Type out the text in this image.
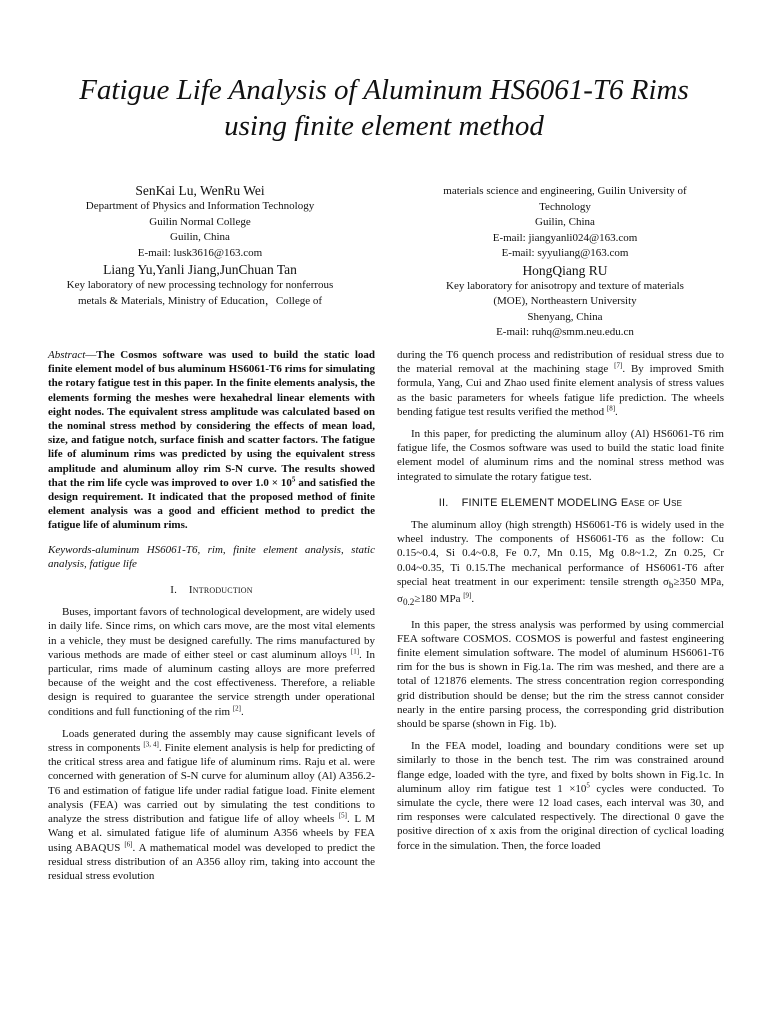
Fatigue Life Analysis of Aluminum HS6061-T6 Rims
using finite element method
SenKai Lu, WenRu Wei
Department of Physics and Information Technology
Guilin Normal College
Guilin, China
E-mail: lusk3616@163.com
Liang Yu,Yanli Jiang,JunChuan Tan
Key laboratory of new processing technology for nonferrous
metals & Materials, Ministry of Education，College of
materials science and engineering, Guilin University of
Technology
Guilin, China
E-mail: jiangyanli024@163.com
E-mail: syyuliang@163.com
HongQiang RU
Key laboratory for anisotropy and texture of materials
(MOE), Northeastern University
Shenyang, China
E-mail: ruhq@smm.neu.edu.cn

Abstract—The Cosmos software was used to build the static load finite element model of bus aluminum HS6061-T6 rims for simulating the rotary fatigue test in this paper. In the finite elements analysis, the elements forming the meshes were hexahedral linear elements with eight nodes. The equivalent stress amplitude was calculated based on the nominal stress method by considering the effects of mean load, size, and fatigue notch, surface finish and scatter factors. The fatigue life of aluminum rims was predicted by using the equivalent stress amplitude and aluminum alloy rim S-N curve. The results showed that the rim life cycle was improved to over $1.0 \times 10^5$ and satisfied the design requirement. It indicated that the proposed method of finite element analysis was a good and efficient method to predict the fatigue life of aluminum rims.

Keywords-aluminum HS6061-T6, rim, finite element analysis, static analysis, fatigue life

I. Introduction

Buses, important favors of technological development, are widely used in daily life. Since rims, on which cars move, are the most vital elements in a vehicle, they must be designed carefully. The rims manufactured by various methods are made of either steel or cast aluminum alloys [1]. In particular, rims made of aluminum casting alloys are more preferred because of the weight and the cost effectiveness. Therefore, a reliable design is required to guarantee the service strength under operational conditions and full functioning of the rim [2].

Loads generated during the assembly may cause significant levels of stress in components [3, 4]. Finite element analysis is help for predicting of the critical stress area and fatigue life of aluminum rims. Raju et al. were concerned with generation of S-N curve for aluminum alloy (Al) A356.2-T6 and estimation of fatigue life under radial fatigue load. Finite element analysis (FEA) was carried out by simulating the test conditions to analyze the stress distribution and fatigue life of alloy wheels [5]. L M Wang et al. simulated fatigue life of aluminum A356 wheels by FEA using ABAQUS [6]. A mathematical model was developed to predict the residual stress distribution of an A356 alloy rim, taking into account the residual stress evolution

during the T6 quench process and redistribution of residual stress due to the material removal at the machining stage [7]. By improved Smith formula, Yang, Cui and Zhao used finite element analysis of stress values as the basic parameters for wheels fatigue life prediction. The wheels bending fatigue test results verified the method [8].

In this paper, for predicting the aluminum alloy (Al) HS6061-T6 rim fatigue life, the Cosmos software was used to build the static load finite element model of aluminum rims and the nominal stress method was integrated to simulate the rotary fatigue test.

II. FINITE ELEMENT MODELING Ease of Use

The aluminum alloy (high strength) HS6061-T6 is widely used in the wheel industry. The components of HS6061-T6 as the follow: Cu 0.15~0.4, Si 0.4~0.8, Fe 0.7, Mn 0.15, Mg 0.8~1.2, Zn 0.25, Cr 0.04~0.35, Ti 0.15.The mechanical performance of HS6061-T6 after special heat treatment in our experiment: tensile strength $\sigma_b\ge 350$ MPa, $\sigma_{0.2}\ge 180$ MPa [9].

In this paper, the stress analysis was performed by using commercial FEA software COSMOS. COSMOS is powerful and fastest engineering finite element simulation software. The model of aluminum HS6061-T6 rim for the bus is shown in Fig.1a. The rim was meshed, and there are a total of 121876 elements. The stress concentration region corresponding grid distribution should be dense; but the rim the stress cannot consider nearly in the entire parsing process, the corresponding grid distribution should be sparse (shown in Fig. 1b).

In the FEA model, loading and boundary conditions were set up similarly to those in the bench test. The rim was constrained around flange edge, loaded with the tyre, and fixed by bolts shown in Fig.1c. In aluminum alloy rim fatigue test $1 \times 10^5$ cycles were conducted. To simulate the cycle, there were 12 load cases, each interval was 30, and rim responses were calculated respectively. The directional 0 gave the positive direction of x axis from the original direction of cyclical loading force in the simulation. Then, the force loaded
